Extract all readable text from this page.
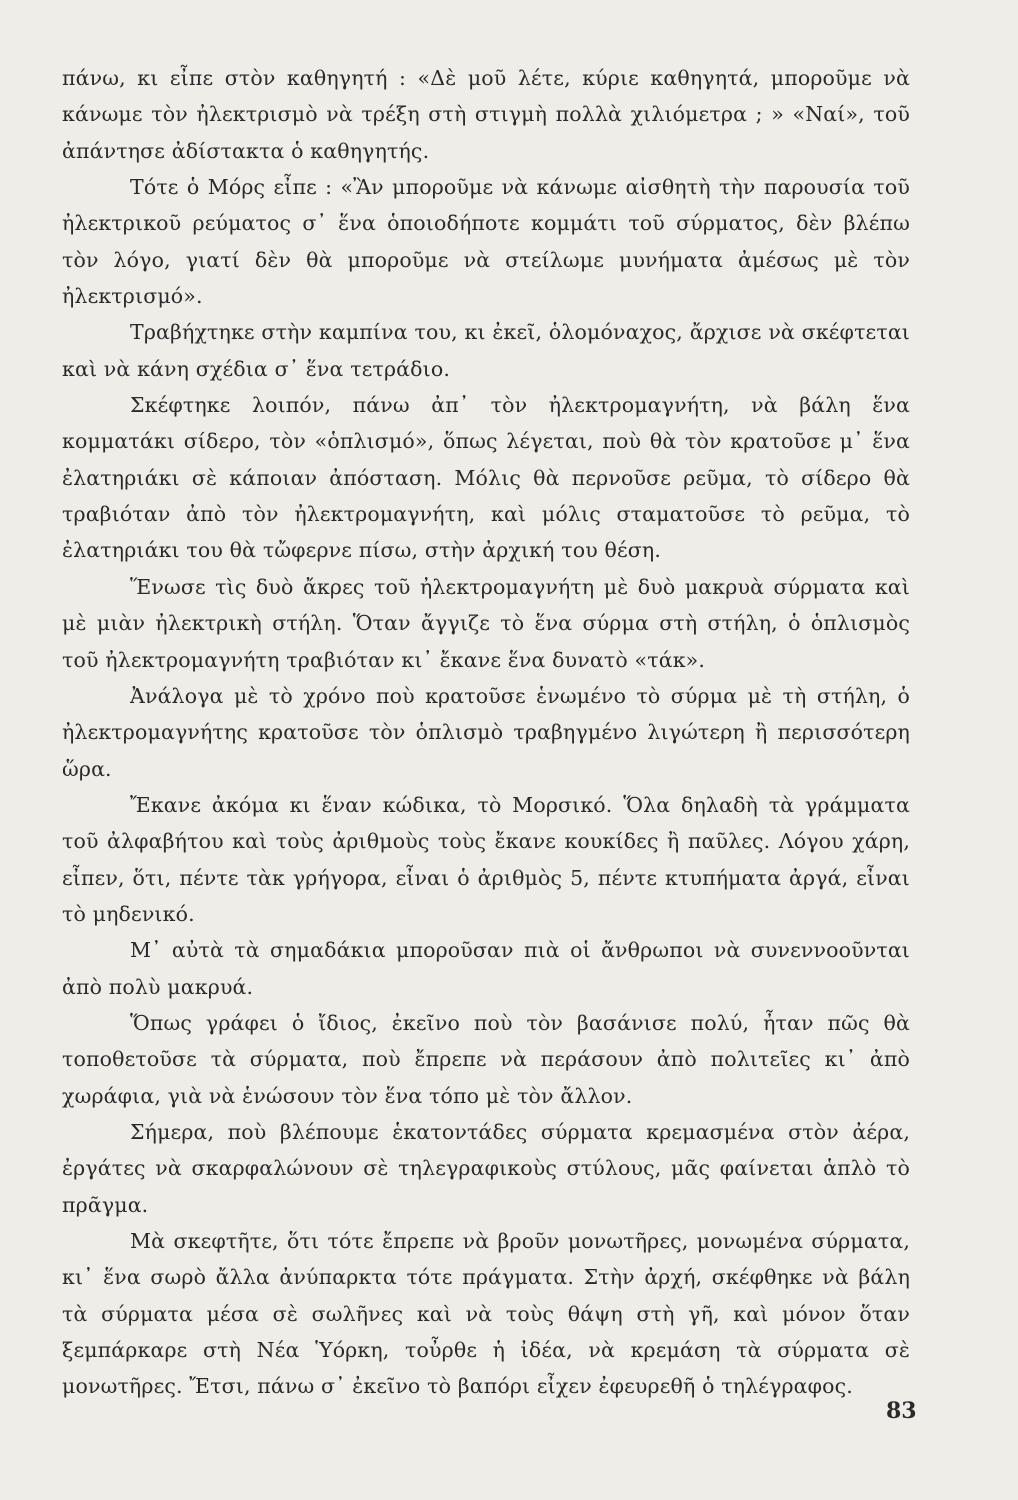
πάνω, κι εἶπε στὸν καθηγητή : «Δὲ μοῦ λέτε, κύριε καθηγητά, μποροῦμε νὰ κάνωμε τὸν ἠλεκτρισμὸ νὰ τρέξη στὴ στιγμὴ πολλὰ χιλιόμετρα ; » «Ναί», τοῦ ἀπάντησε ἀδίστακτα ὁ καθηγητής.

Τότε ὁ Μόρς εἶπε : «Ἂν μποροῦμε νὰ κάνωμε αἰσθητὴ τὴν παρουσία τοῦ ἠλεκτρικοῦ ρεύματος σ᾽ ἕνα ὁποιοδήποτε κομμάτι τοῦ σύρματος, δὲν βλέπω τὸν λόγο, γιατί δὲν θὰ μποροῦμε νὰ στείλωμε μυνήματα ἀμέσως μὲ τὸν ἠλεκτρισμό».

Τραβήχτηκε στὴν καμπίνα του, κι ἐκεῖ, ὁλομόναχος, ἄρχισε νὰ σκέφτεται καὶ νὰ κάνη σχέδια σ᾽ ἕνα τετράδιο.

Σκέφτηκε λοιπόν, πάνω ἀπ᾽ τὸν ἠλεκτρομαγνήτη, νὰ βάλη ἕνα κομματάκι σίδερο, τὸν «ὁπλισμό», ὅπως λέγεται, ποὺ θὰ τὸν κρατοῦσε μ᾽ ἕνα ἐλατηριάκι σὲ κάποιαν ἀπόσταση. Μόλις θὰ περνοῦσε ρεῦμα, τὸ σίδερο θὰ τραβιόταν ἀπὸ τὸν ἠλεκτρομαγνήτη, καὶ μόλις σταματοῦσε τὸ ρεῦμα, τὸ ἐλατηριάκι του θὰ τὤφερνε πίσω, στὴν ἀρχική του θέση.

Ἕνωσε τὶς δυὸ ἄκρες τοῦ ἠλεκτρομαγνήτη μὲ δυὸ μακρυὰ σύρματα καὶ μὲ μιὰν ἠλεκτρικὴ στήλη. Ὅταν ἄγγιζε τὸ ἕνα σύρμα στὴ στήλη, ὁ ὁπλισμὸς τοῦ ἠλεκτρομαγνήτη τραβιόταν κι᾽ ἔκανε ἕνα δυνατὸ «τάκ».

Ἀνάλογα μὲ τὸ χρόνο ποὺ κρατοῦσε ἑνωμένο τὸ σύρμα μὲ τὴ στήλη, ὁ ἠλεκτρομαγνήτης κρατοῦσε τὸν ὁπλισμὸ τραβηγμένο λιγώτερη ἢ περισσότερη ὥρα.

Ἔκανε ἀκόμα κι ἕναν κώδικα, τὸ Μορσικό. Ὅλα δηλαδὴ τὰ γράμματα τοῦ ἀλφαβήτου καὶ τοὺς ἀριθμοὺς τοὺς ἔκανε κουκίδες ἢ παῦλες. Λόγου χάρη, εἶπεν, ὅτι, πέντε τὰκ γρήγορα, εἶναι ὁ ἀριθμὸς 5, πέντε κτυπήματα ἀργά, εἶναι τὸ μηδενικό.

Μ᾽ αὐτὰ τὰ σημαδάκια μποροῦσαν πιὰ οἱ ἄνθρωποι νὰ συνεννοοῦνται ἀπὸ πολὺ μακρυά.

Ὅπως γράφει ὁ ἴδιος, ἐκεῖνο ποὺ τὸν βασάνισε πολύ, ἦταν πῶς θὰ τοποθετοῦσε τὰ σύρματα, ποὺ ἔπρεπε νὰ περάσουν ἀπὸ πολιτεῖες κι᾽ ἀπὸ χωράφια, γιὰ νὰ ἑνώσουν τὸν ἕνα τόπο μὲ τὸν ἄλλον.

Σήμερα, ποὺ βλέπουμε ἑκατοντάδες σύρματα κρεμασμένα στὸν ἀέρα, ἐργάτες νὰ σκαρφαλώνουν σὲ τηλεγραφικοὺς στύλους, μᾶς φαίνεται ἁπλὸ τὸ πρᾶγμα.

Μὰ σκεφτῆτε, ὅτι τότε ἔπρεπε νὰ βροῦν μονωτῆρες, μονωμένα σύρματα, κι᾽ ἕνα σωρὸ ἄλλα ἀνύπαρκτα τότε πράγματα. Στὴν ἀρχή, σκέφθηκε νὰ βάλη τὰ σύρματα μέσα σὲ σωλῆνες καὶ νὰ τοὺς θάψη στὴ γῆ, καὶ μόνον ὅταν ξεμπάρκαρε στὴ Νέα Ὑόρκη, τοὖρθε ἡ ἰδέα, νὰ κρεμάση τὰ σύρματα σὲ μονωτῆρες. Ἔτσι, πάνω σ᾽ ἐκεῖνο τὸ βαπόρι εἶχεν ἐφευρεθῆ ὁ τηλέγραφος.

83
